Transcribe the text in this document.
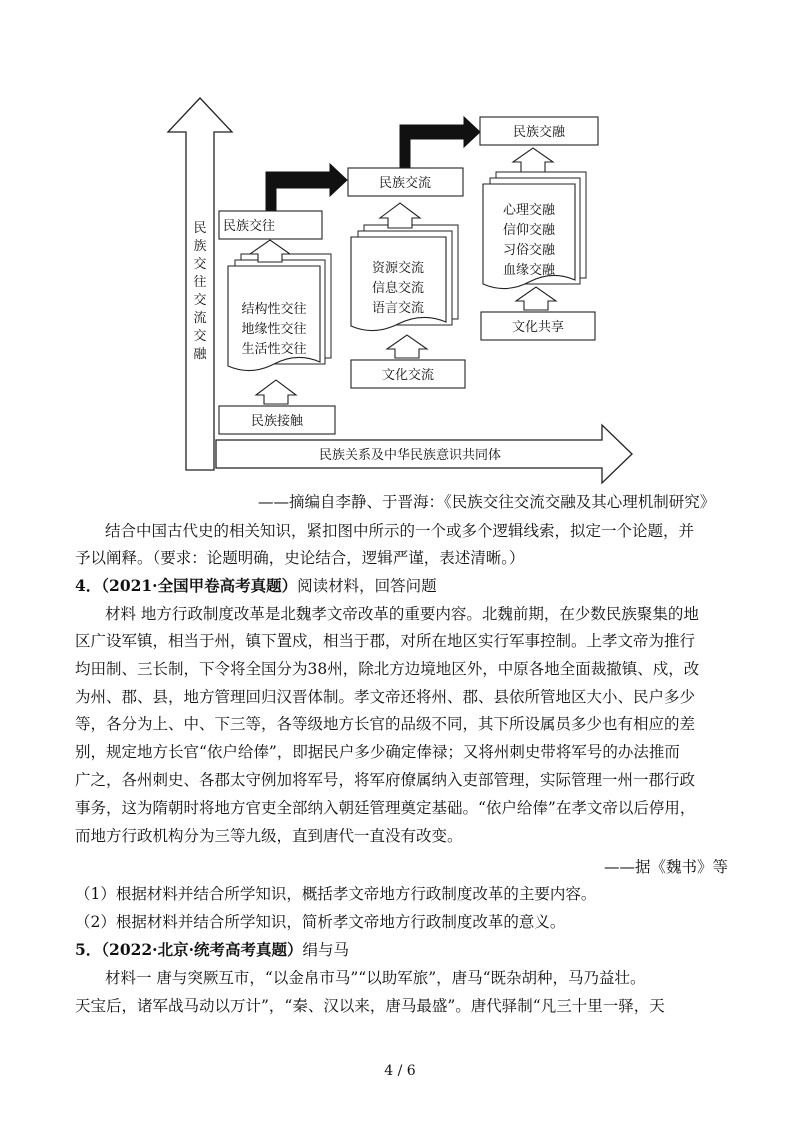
民
族
交
往
交
流
交
融
民族关系及中华民族意识共同体
民族接触
结构性交往
地缘性交往
生活性交往
民族交往
文化交流
资源交流
信息交流
语言交流
民族交流
文化共享
心理交融
信仰交融
习俗交融
血缘交融
民族交融
——摘编自李静、于晋海：《民族交往交流交融及其心理机制研究》
结合中国古代史的相关知识，紧扣图中所示的一个或多个逻辑线索，拟定一个论题，并
予以阐释。（要求：论题明确，史论结合，逻辑严谨，表述清晰。）
4．（2021·全国甲卷高考真题）阅读材料，回答问题
材料 地方行政制度改革是北魏孝文帝改革的重要内容。北魏前期，在少数民族聚集的地
区广设军镇，相当于州，镇下置戍，相当于郡，对所在地区实行军事控制。上孝文帝为推行
均田制、三长制，下令将全国分为38州，除北方边境地区外，中原各地全面裁撤镇、戍，改
为州、郡、县，地方管理回归汉晋体制。孝文帝还将州、郡、县依所管地区大小、民户多少
等，各分为上、中、下三等，各等级地方长官的品级不同，其下所设属员多少也有相应的差
别，规定地方长官“依户给俸”，即据民户多少确定俸禄；又将州刺史带将军号的办法推而
广之，各州刺史、各郡太守例加将军号，将军府僚属纳入吏部管理，实际管理一州一郡行政
事务，这为隋朝时将地方官吏全部纳入朝廷管理奠定基础。“依户给俸”在孝文帝以后停用，
而地方行政机构分为三等九级，直到唐代一直没有改变。
——据《魏书》等
（1）根据材料并结合所学知识，概括孝文帝地方行政制度改革的主要内容。
（2）根据材料并结合所学知识，简析孝文帝地方行政制度改革的意义。
5．（2022·北京·统考高考真题）绢与马
材料一 唐与突厥互市，“以金帛市马”“以助军旅”，唐马“既杂胡种，马乃益壮。
天宝后，诸军战马动以万计”，“秦、汉以来，唐马最盛”。唐代驿制“凡三十里一驿，天
4 / 6
